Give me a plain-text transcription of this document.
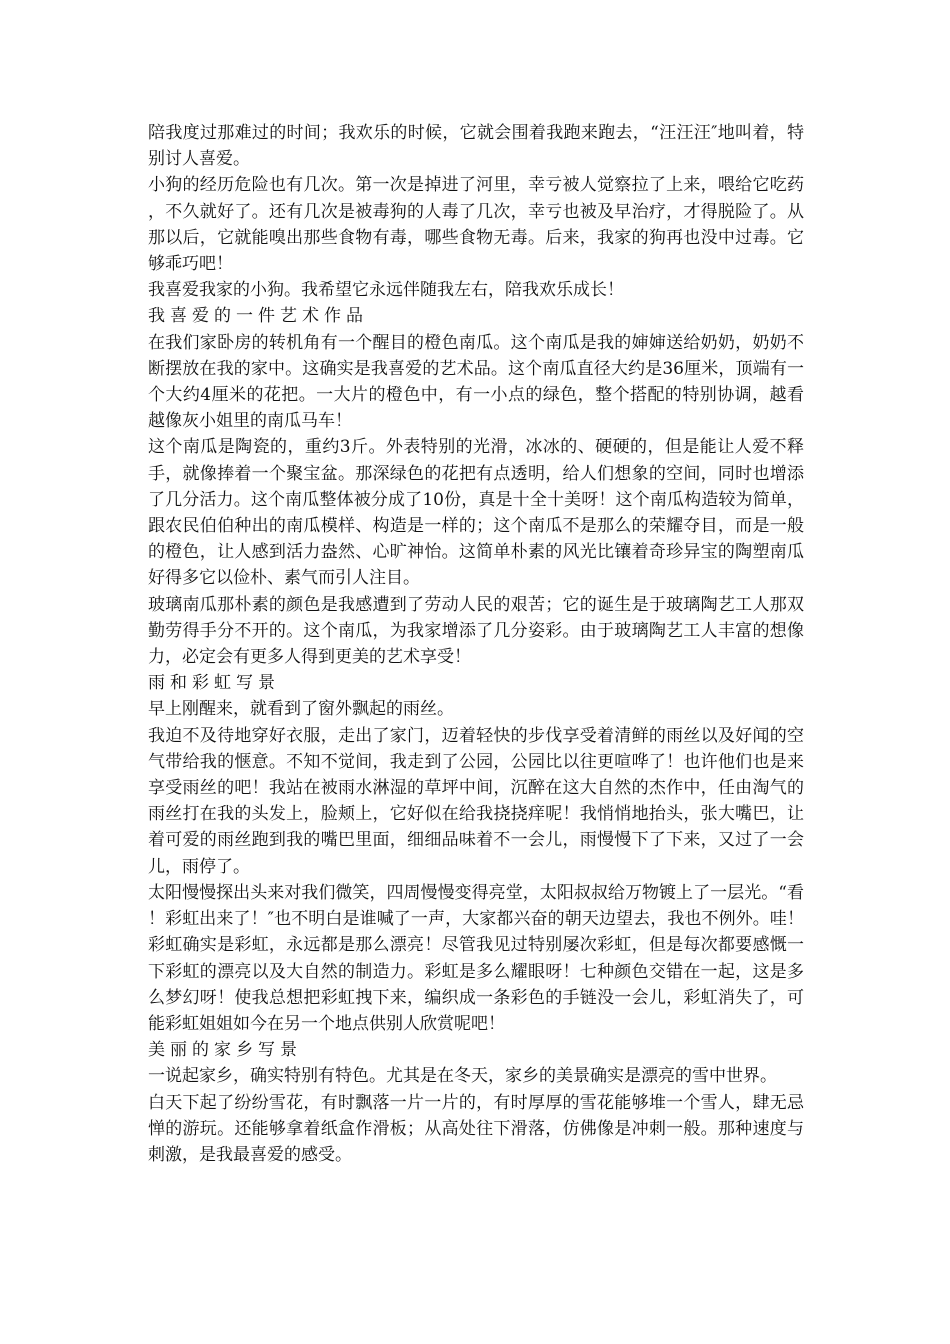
陪我度过那难过的时间；我欢乐的时候，它就会围着我跑来跑去，“汪汪汪″地叫着，特别讨人喜爱。

小狗的经历危险也有几次。第一次是掉进了河里，幸亏被人觉察拉了上来，喂给它吃药，不久就好了。还有几次是被毒狗的人毒了几次，幸亏也被及早治疗，才得脱险了。从那以后，它就能嗅出那些食物有毒，哪些食物无毒。后来，我家的狗再也没中过毒。它够乖巧吧！

我喜爱我家的小狗。我希望它永远伴随我左右，陪我欢乐成长！

我喜爱的一件艺术作品

在我们家卧房的转机角有一个醒目的橙色南瓜。这个南瓜是我的婶婶送给奶奶，奶奶不断摆放在我的家中。这确实是我喜爱的艺术品。这个南瓜直径大约是36厘米，顶端有一个大约4厘米的花把。一大片的橙色中，有一小点的绿色，整个搭配的特别协调，越看越像灰小姐里的南瓜马车！

这个南瓜是陶瓷的，重约3斤。外表特别的光滑，冰冰的、硬硬的，但是能让人爱不释手，就像捧着一个聚宝盆。那深绿色的花把有点透明，给人们想象的空间，同时也增添了几分活力。这个南瓜整体被分成了10份，真是十全十美呀！这个南瓜构造较为简单，跟农民伯伯种出的南瓜模样、构造是一样的；这个南瓜不是那么的荣耀夺目，而是一般的橙色，让人感到活力盎然、心旷神怡。这简单朴素的风光比镶着奇珍异宝的陶塑南瓜好得多它以俭朴、素气而引人注目。

玻璃南瓜那朴素的颜色是我感遭到了劳动人民的艰苦；它的诞生是于玻璃陶艺工人那双勤劳得手分不开的。这个南瓜，为我家增添了几分姿彩。由于玻璃陶艺工人丰富的想像力，必定会有更多人得到更美的艺术享受！

雨和彩虹写景

早上刚醒来，就看到了窗外飘起的雨丝。

我迫不及待地穿好衣服，走出了家门，迈着轻快的步伐享受着清鲜的雨丝以及好闻的空气带给我的惬意。不知不觉间，我走到了公园，公园比以往更喧哗了！也许他们也是来享受雨丝的吧！我站在被雨水淋湿的草坪中间，沉醉在这大自然的杰作中，任由淘气的雨丝打在我的头发上，脸颊上，它好似在给我挠挠痒呢！我悄悄地抬头，张大嘴巴，让着可爱的雨丝跑到我的嘴巴里面，细细品味着不一会儿，雨慢慢下了下来，又过了一会儿，雨停了。

太阳慢慢探出头来对我们微笑，四周慢慢变得亮堂，太阳叔叔给万物镀上了一层光。“看！彩虹出来了！″也不明白是谁喊了一声，大家都兴奋的朝天边望去，我也不例外。哇！彩虹确实是彩虹，永远都是那么漂亮！尽管我见过特别屡次彩虹，但是每次都要感慨一下彩虹的漂亮以及大自然的制造力。彩虹是多么耀眼呀！七种颜色交错在一起，这是多么梦幻呀！使我总想把彩虹拽下来，编织成一条彩色的手链没一会儿，彩虹消失了，可能彩虹姐姐如今在另一个地点供别人欣赏呢吧！

美丽的家乡写景

一说起家乡，确实特别有特色。尤其是在冬天，家乡的美景确实是漂亮的雪中世界。

白天下起了纷纷雪花，有时飘落一片一片的，有时厚厚的雪花能够堆一个雪人，肆无忌惮的游玩。还能够拿着纸盒作滑板；从高处往下滑落，仿佛像是冲刺一般。那种速度与刺激，是我最喜爱的感受。
